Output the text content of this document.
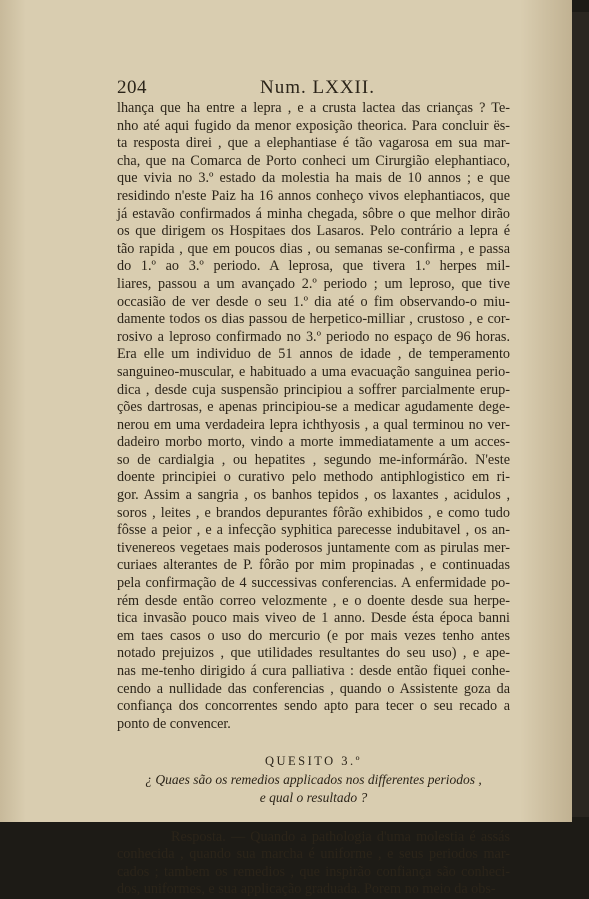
204	Num. LXXII.
lhança que ha entre a lepra , e a crusta lactea das crianças ? Te-
nho até aqui fugido da menor exposição theorica. Para concluir ës-
ta resposta direi , que a elephantiase é tão vagarosa em sua mar-
cha, que na Comarca de Porto conheci um Cirurgião elephantiaco,
que vivia no 3.º estado da molestia ha mais de 10 annos ; e que
residindo n'este Paiz ha 16 annos conheço vivos elephantiacos, que
já estavão confirmados á minha chegada, sôbre o que melhor dirão
os que dirigem os Hospitaes dos Lasaros. Pelo contrário a lepra é
tão rapida , que em poucos dias , ou semanas se-confirma , e passa
do 1.º ao 3.º periodo. A leprosa, que tivera 1.º herpes mil-
liares, passou a um avançado 2.º periodo ; um leproso, que tive
occasião de ver desde o seu 1.º dia até o fim observando-o miu-
damente todos os dias passou de herpetico-milliar , crustoso , e cor-
rosivo a leproso confirmado no 3.º periodo no espaço de 96 horas.
Era elle um individuo de 51 annos de idade , de temperamento
sanguineo-muscular, e habituado a uma evacuação sanguinea perio-
dica , desde cuja suspensão principiou a soffrer parcialmente erup-
ções dartrosas, e apenas principiou-se a medicar agudamente dege-
nerou em uma verdadeira lepra ichthyosis , a qual terminou no ver-
dadeiro morbo morto, vindo a morte immediatamente a um acces-
so de cardialgia , ou hepatites , segundo me-informárão. N'este
doente principiei o curativo pelo methodo antiphlogistico em ri-
gor. Assim a sangria , os banhos tepidos , os laxantes , acidulos ,
soros , leites , e brandos depurantes fôrão exhibidos , e como tudo
fôsse a peior , e a infecção syphitica parecesse indubitavel , os an-
tivenereos vegetaes mais poderosos juntamente com as pirulas mer-
curiaes alterantes de P. fôrão por mim propinadas , e continuadas
pela confirmação de 4 successivas conferencias. A enfermidade po-
rém desde então correo velozmente , e o doente desde sua herpe-
tica invasão pouco mais viveo de 1 anno. Desde ésta época banni
em taes casos o uso do mercurio (e por mais vezes tenho antes
notado prejuizos , que utilidades resultantes do seu uso) , e ape-
nas me-tenho dirigido á cura palliativa : desde então fiquei conhe-
cendo a nullidade das conferencias , quando o Assistente goza da
confiança dos concorrentes sendo apto para tecer o seu recado a
ponto de convencer.
QUESITO 3.º
¿ Quaes são os remedios applicados nos differentes periodos ,
e qual o resultado ?
Resposta. — Quando a pathologia d'uma molestia é assás
conhecida , quando sua marcha é uniforme , e seus periodos mar-
cados ; tambem os remedios , que inspirão confiança são conheci-
dos, uniformes, e sua applicação graduada. Porem no meio da obs-
